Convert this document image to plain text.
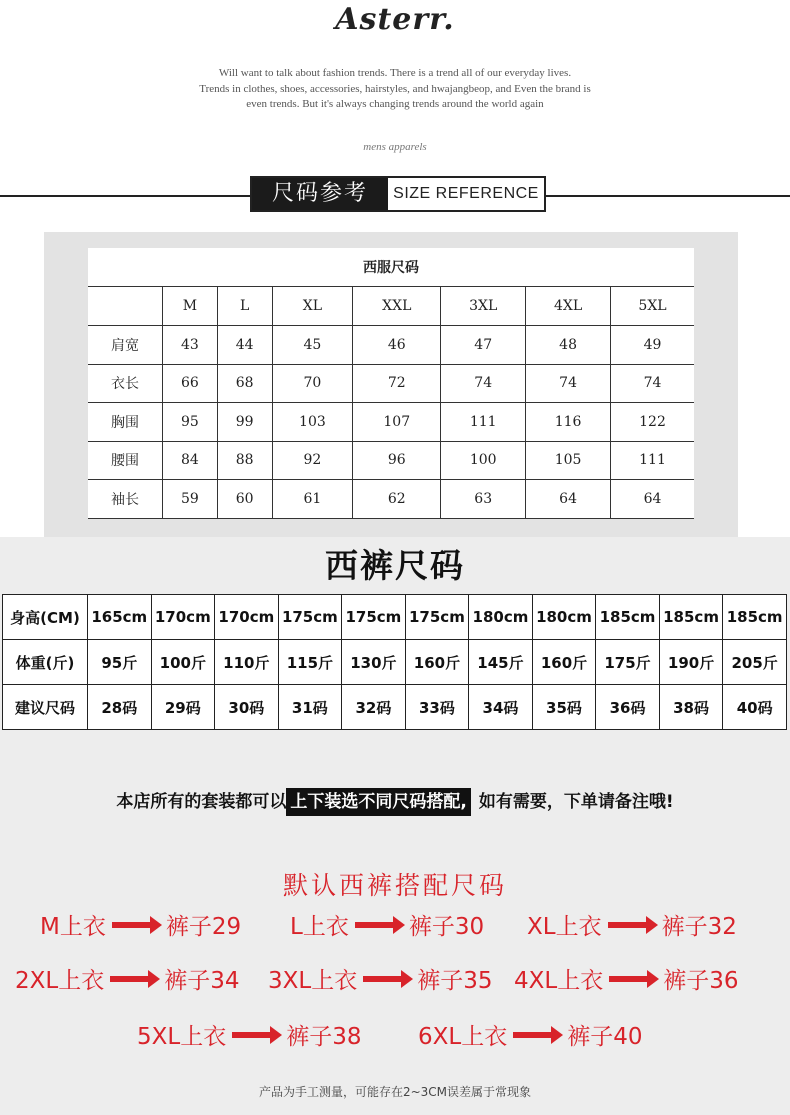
Asterr.
Will want to talk about fashion trends. There is a trend all of our everyday lives.
Trends in clothes, shoes, accessories, hairstyles, and hwajangbeop, and Even the brand is
even trends. But it's always changing trends around the world again
mens apparels
尺码参考	SIZE REFERENCE
西服尺码							
	M	L	XL	XXL	3XL	4XL	5XL
肩宽	43	44	45	46	47	48	49
衣长	66	68	70	72	74	74	74
胸围	95	99	103	107	111	116	122
腰围	84	88	92	96	100	105	111
袖长	59	60	61	62	63	64	64
西裤尺码
身高(CM)	165cm	170cm	170cm	175cm	175cm	175cm	180cm	180cm	185cm	185cm	185cm
体重(斤)	95斤	100斤	110斤	115斤	130斤	160斤	145斤	160斤	175斤	190斤	205斤
建议尺码	28码	29码	30码	31码	32码	33码	34码	35码	36码	38码	40码
本店所有的套装都可以 上下装选不同尺码搭配, 如有需要，下单请备注哦!
默认西裤搭配尺码
M上衣	裤子29 L上衣	裤子30 XL上衣	裤子32
2XL上衣	裤子34 3XL上衣	裤子35 4XL上衣	裤子36
5XL上衣	裤子38 6XL上衣	裤子40
产品为手工测量，可能存在2~3CM误差属于常现象
